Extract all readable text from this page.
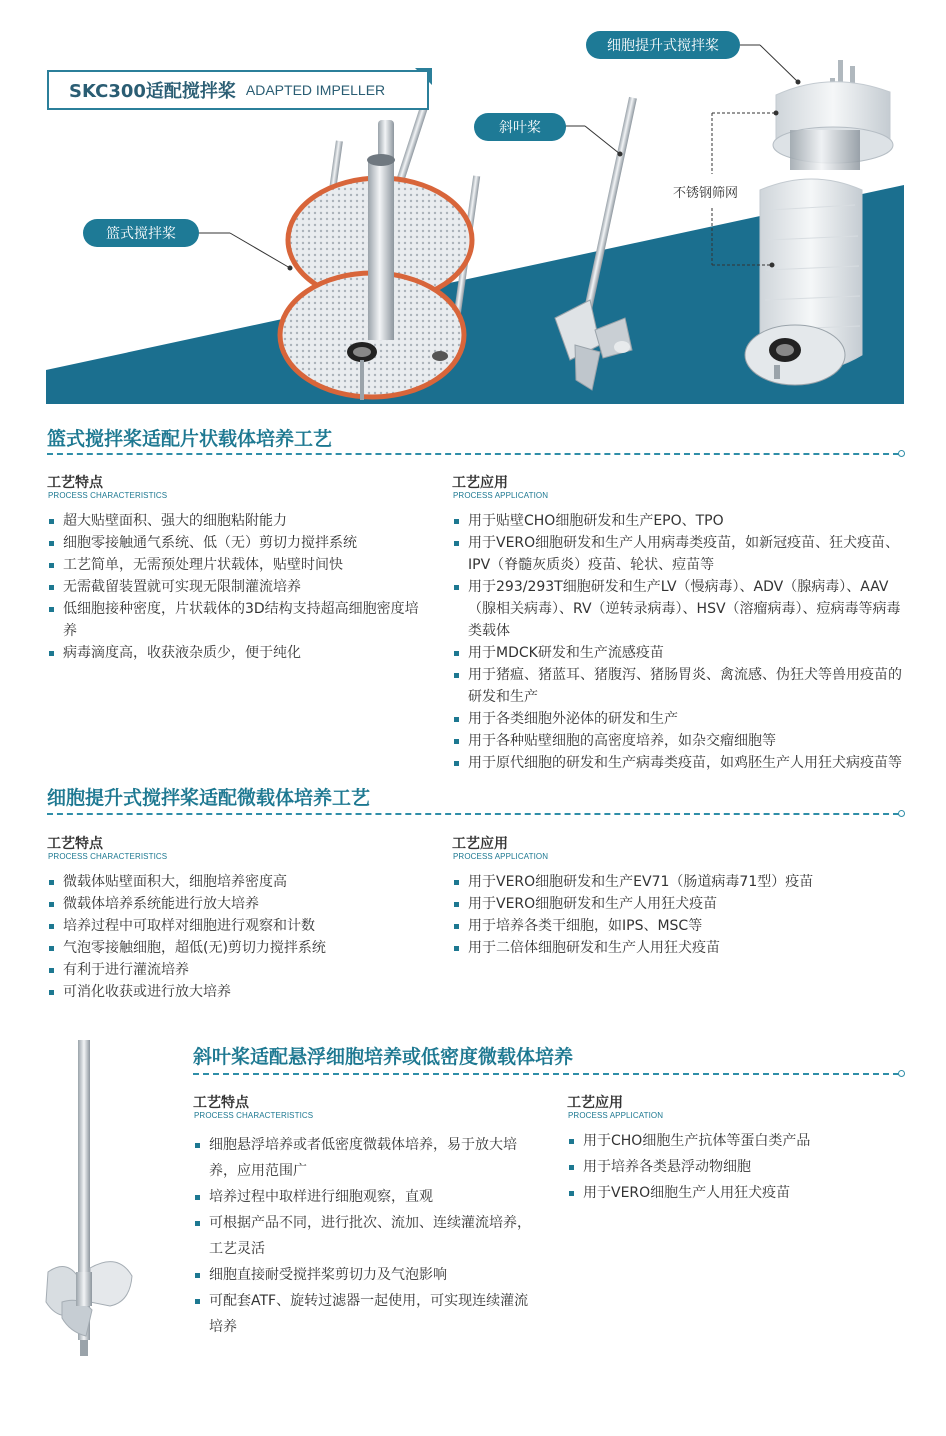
SKC300适配搅拌桨 ADAPTED IMPELLER
篮式搅拌桨
斜叶桨
细胞提升式搅拌桨
不锈钢筛网
篮式搅拌桨适配片状载体培养工艺
工艺特点
PROCESS CHARACTERISTICS
超大贴壁面积、强大的细胞粘附能力
细胞零接触通气系统、低（无）剪切力搅拌系统
工艺简单，无需预处理片状载体，贴壁时间快
无需截留装置就可实现无限制灌流培养
低细胞接种密度，片状载体的3D结构支持超高细胞密度培养
病毒滴度高，收获液杂质少，便于纯化
工艺应用
PROCESS APPLICATION
用于贴壁CHO细胞研发和生产EPO、TPO
用于VERO细胞研发和生产人用病毒类疫苗，如新冠疫苗、狂犬疫苗、IPV（脊髓灰质炎）疫苗、轮状、痘苗等
用于293/293T细胞研发和生产LV（慢病毒）、ADV（腺病毒）、AAV（腺相关病毒）、RV（逆转录病毒）、HSV（溶瘤病毒）、痘病毒等病毒类载体
用于MDCK研发和生产流感疫苗
用于猪瘟、猪蓝耳、猪腹泻、猪肠胃炎、禽流感、伪狂犬等兽用疫苗的研发和生产
用于各类细胞外泌体的研发和生产
用于各种贴壁细胞的高密度培养，如杂交瘤细胞等
用于原代细胞的研发和生产病毒类疫苗，如鸡胚生产人用狂犬病疫苗等
细胞提升式搅拌桨适配微载体培养工艺
工艺特点
PROCESS CHARACTERISTICS
微载体贴壁面积大，细胞培养密度高
微载体培养系统能进行放大培养
培养过程中可取样对细胞进行观察和计数
气泡零接触细胞，超低(无)剪切力搅拌系统
有利于进行灌流培养
可消化收获或进行放大培养
工艺应用
PROCESS APPLICATION
用于VERO细胞研发和生产EV71（肠道病毒71型）疫苗
用于VERO细胞研发和生产人用狂犬疫苗
用于培养各类干细胞，如IPS、MSC等
用于二倍体细胞研发和生产人用狂犬疫苗
斜叶桨适配悬浮细胞培养或低密度微载体培养
工艺特点
PROCESS CHARACTERISTICS
细胞悬浮培养或者低密度微载体培养，易于放大培养，应用范围广
培养过程中取样进行细胞观察，直观
可根据产品不同，进行批次、流加、连续灌流培养，工艺灵活
细胞直接耐受搅拌桨剪切力及气泡影响
可配套ATF、旋转过滤器一起使用，可实现连续灌流培养
工艺应用
PROCESS APPLICATION
用于CHO细胞生产抗体等蛋白类产品
用于培养各类悬浮动物细胞
用于VERO细胞生产人用狂犬疫苗
